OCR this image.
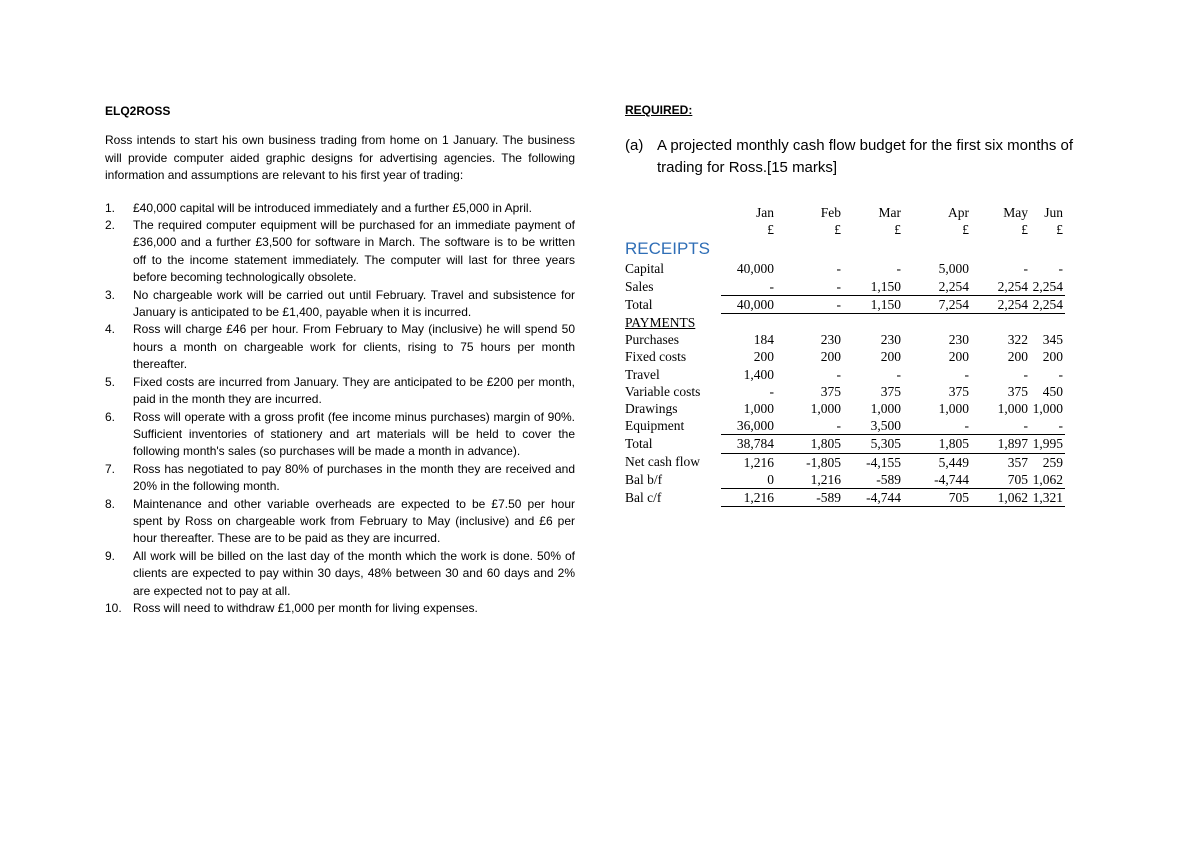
ELQ2ROSS

Ross intends to start his own business trading from home on 1 January. The business will provide computer aided graphic designs for advertising agencies. The following information and assumptions are relevant to his first year of trading:

1. £40,000 capital will be introduced immediately and a further £5,000 in April.
2. The required computer equipment will be purchased for an immediate payment of £36,000 and a further £3,500 for software in March. The software is to be written off to the income statement immediately. The computer will last for three years before becoming technologically obsolete.
3. No chargeable work will be carried out until February. Travel and subsistence for January is anticipated to be £1,400, payable when it is incurred.
4. Ross will charge £46 per hour. From February to May (inclusive) he will spend 50 hours a month on chargeable work for clients, rising to 75 hours per month thereafter.
5. Fixed costs are incurred from January. They are anticipated to be £200 per month, paid in the month they are incurred.
6. Ross will operate with a gross profit (fee income minus purchases) margin of 90%. Sufficient inventories of stationery and art materials will be held to cover the following month's sales (so purchases will be made a month in advance).
7. Ross has negotiated to pay 80% of purchases in the month they are received and 20% in the following month.
8. Maintenance and other variable overheads are expected to be £7.50 per hour spent by Ross on chargeable work from February to May (inclusive) and £6 per hour thereafter. These are to be paid as they are incurred.
9. All work will be billed on the last day of the month which the work is done. 50% of clients are expected to pay within 30 days, 48% between 30 and 60 days and 2% are expected not to pay at all.
10. Ross will need to withdraw £1,000 per month for living expenses.
REQUIRED:
(a) A projected monthly cash flow budget for the first six months of trading for Ross.[15 marks]
	Jan	Feb	Mar	Apr	May	Jun
	£	£	£	£	£	£
RECEIPTS						
Capital	40,000	-	-	5,000	-	-
Sales	-	-	1,150	2,254	2,254	2,254
Total	40,000	-	1,150	7,254	2,254	2,254
PAYMENTS						
Purchases	184	230	230	230	322	345
Fixed costs	200	200	200	200	200	200
Travel	1,400	-	-	-	-	-
Variable costs	-	375	375	375	375	450
Drawings	1,000	1,000	1,000	1,000	1,000	1,000
Equipment	36,000	-	3,500	-	-	-
Total	38,784	1,805	5,305	1,805	1,897	1,995
Net cash flow	1,216	-1,805	-4,155	5,449	357	259
Bal b/f	0	1,216	-589	-4,744	705	1,062
Bal c/f	1,216	-589	-4,744	705	1,062	1,321
